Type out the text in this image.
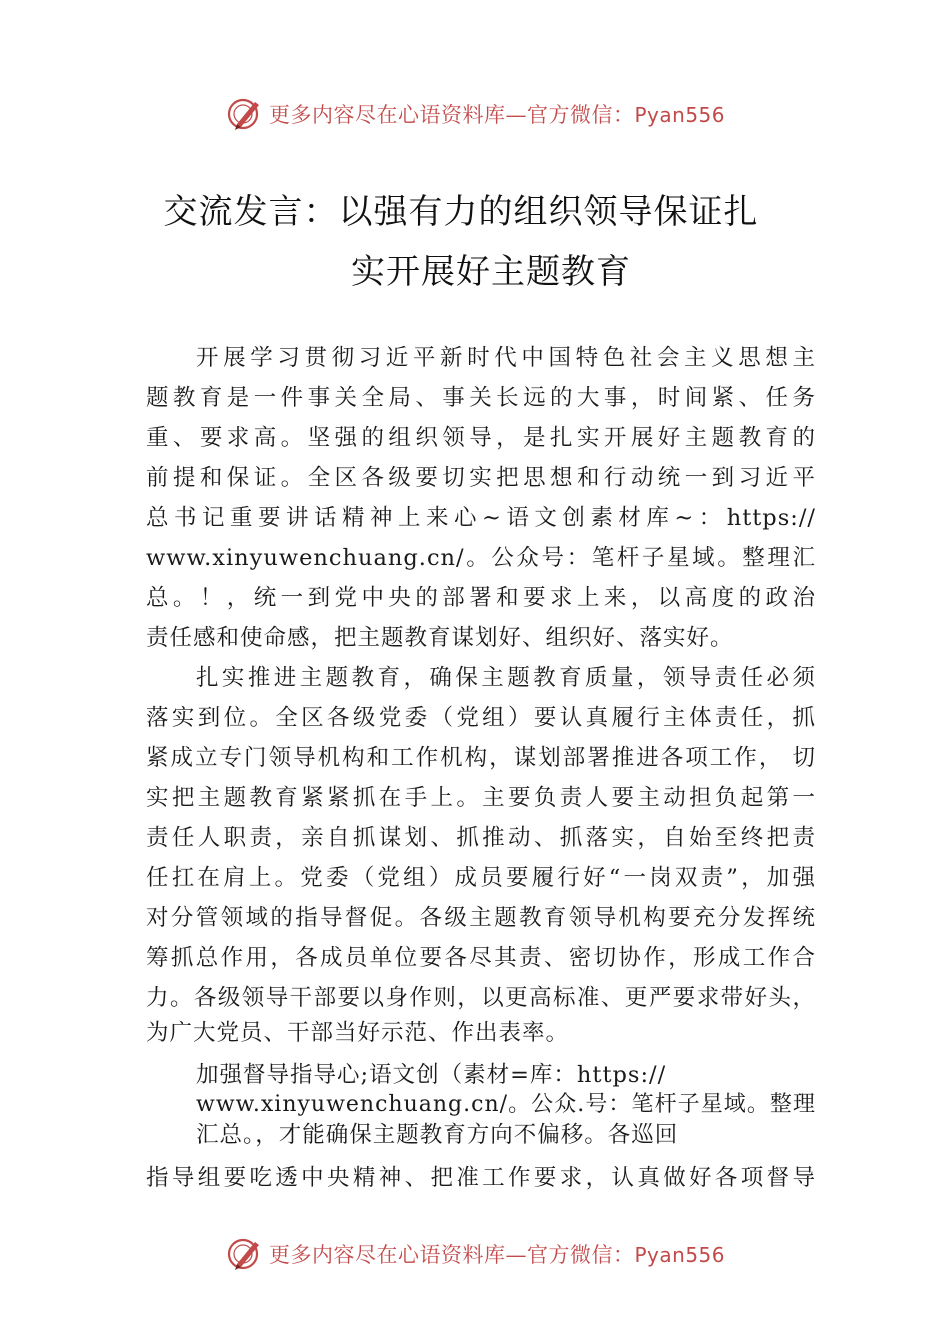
更多内容尽在心语资料库—官方微信：Pyan556
交流发言：以强有力的组织领导保证扎
实开展好主题教育
开展学习贯彻习近平新时代中国特色社会主义思想主
题教育是一件事关全局、事关长远的大事，时间紧、任务
重、要求高。坚强的组织领导，是扎实开展好主题教育的
前提和保证。全区各级要切实把思想和行动统一到习近平
总书记重要讲话精神上来心~语文创素材库~：https://
www.xinyuwenchuang.cn/。公众号：笔杆子星域。整理汇
总。！，统一到党中央的部署和要求上来，以高度的政治
责任感和使命感，把主题教育谋划好、组织好、落实好。
扎实推进主题教育，确保主题教育质量，领导责任必须
落实到位。全区各级党委（党组）要认真履行主体责任，抓
紧成立专门领导机构和工作机构，谋划部署推进各项工作， 切
实把主题教育紧紧抓在手上。主要负责人要主动担负起第一
责任人职责，亲自抓谋划、抓推动、抓落实，自始至终把责
任扛在肩上。党委（党组）成员要履行好“一岗双责”，加强
对分管领域的指导督促。各级主题教育领导机构要充分发挥统
筹抓总作用，各成员单位要各尽其责、密切协作，形成工作合
力。各级领导干部要以身作则，以更高标准、更严要求带好头，
为广大党员、干部当好示范、作出表率。
加强督导指导心;语文创（素材=库：https://
www.xinyuwenchuang.cn/。公众.号：笔杆子星域。整理
汇总。，才能确保主题教育方向不偏移。各巡回
指导组要吃透中央精神、把准工作要求，认真做好各项督导
更多内容尽在心语资料库—官方微信：Pyan556
